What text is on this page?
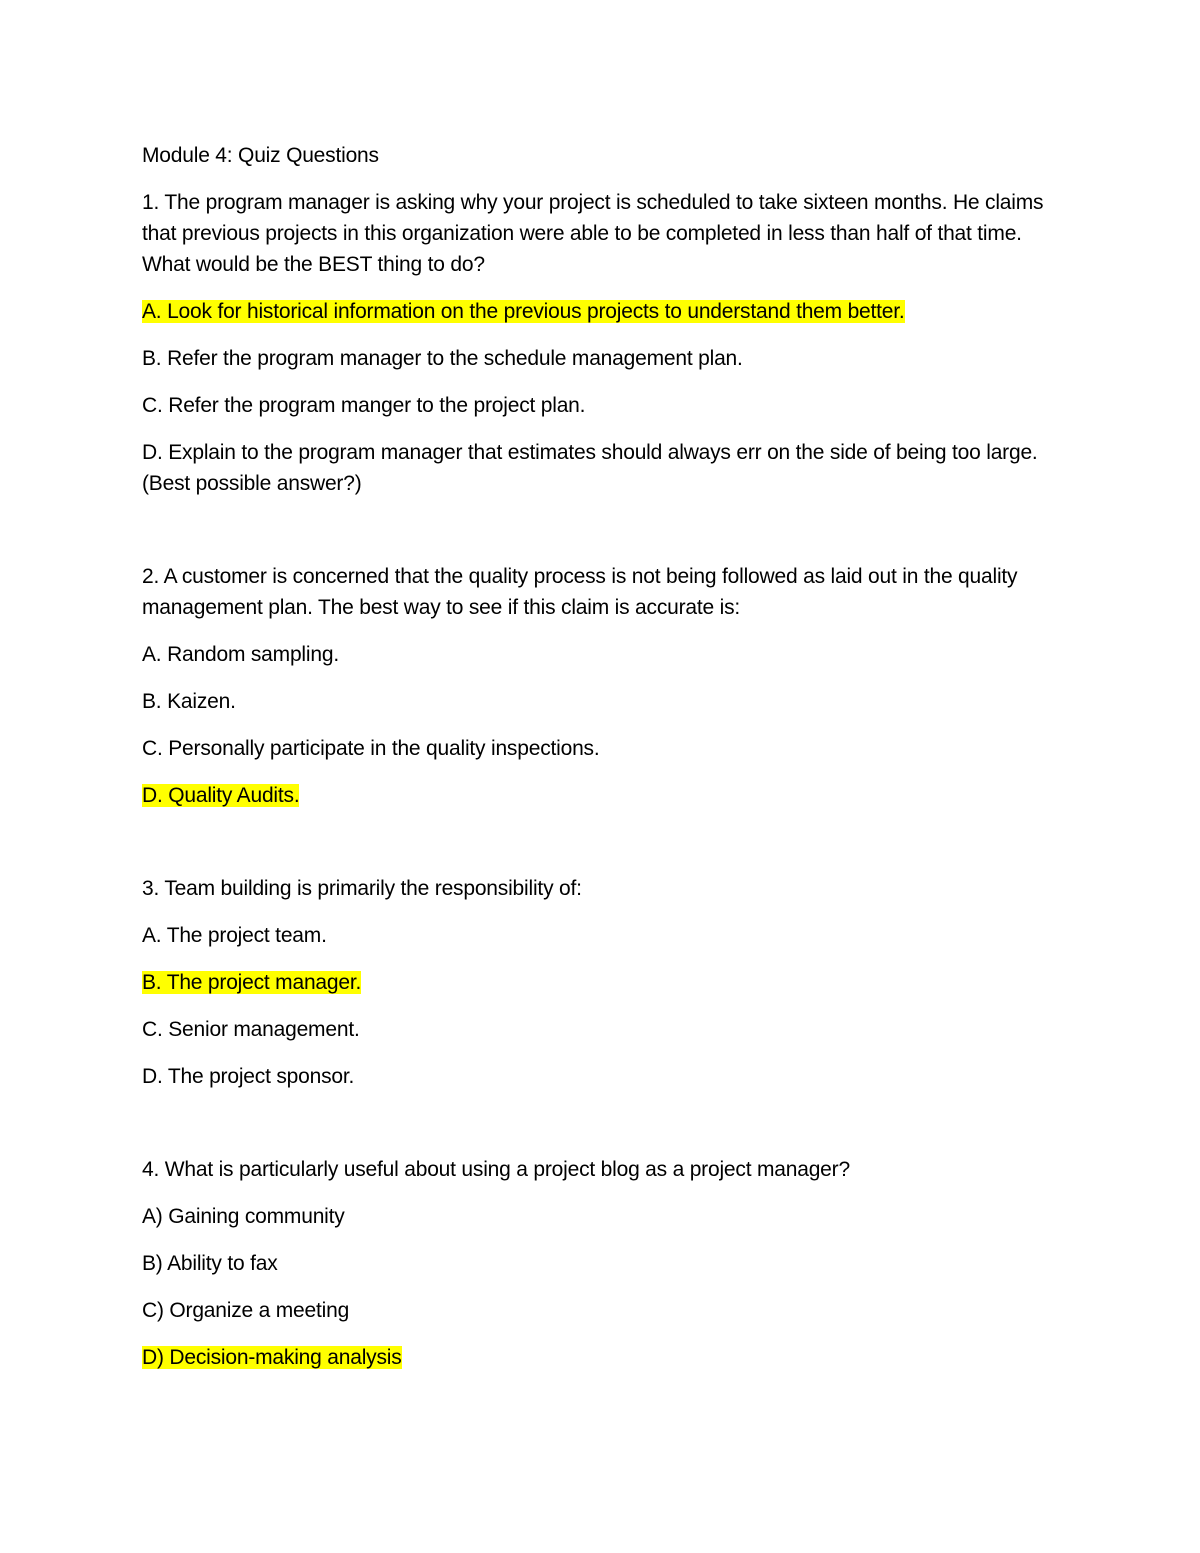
Module 4: Quiz Questions

1. The program manager is asking why your project is scheduled to take sixteen months. He claims that previous projects in this organization were able to be completed in less than half of that time. What would be the BEST thing to do?

A. Look for historical information on the previous projects to understand them better.

B. Refer the program manager to the schedule management plan.

C. Refer the program manger to the project plan.

D. Explain to the program manager that estimates should always err on the side of being too large. (Best possible answer?)

2. A customer is concerned that the quality process is not being followed as laid out in the quality management plan. The best way to see if this claim is accurate is:

A. Random sampling.

B. Kaizen.

C. Personally participate in the quality inspections.

D. Quality Audits.

3. Team building is primarily the responsibility of:

A. The project team.

B. The project manager.

C. Senior management.

D. The project sponsor.

4. What is particularly useful about using a project blog as a project manager?

A) Gaining community

B) Ability to fax

C) Organize a meeting

D) Decision-making analysis
